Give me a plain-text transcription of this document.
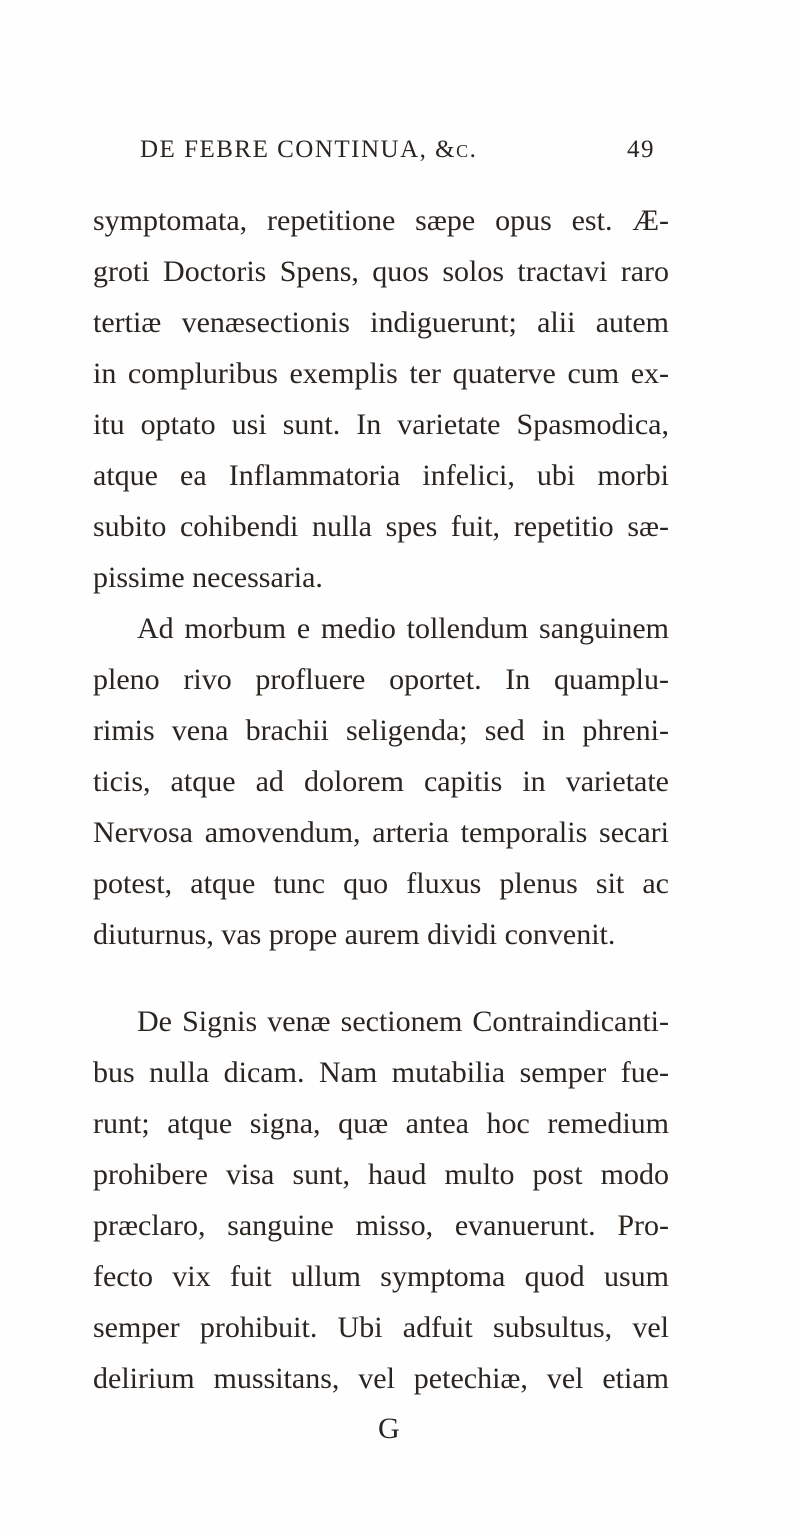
DE FEBRE CONTINUA, &c.	49
symptomata, repetitione sæpe opus est. Æ-
groti Doctoris Spens, quos solos tractavi raro
tertiæ venæsectionis indiguerunt; alii autem
in compluribus exemplis ter quaterve cum ex-
itu optato usi sunt. In varietate Spasmodica,
atque ea Inflammatoria infelici, ubi morbi
subito cohibendi nulla spes fuit, repetitio sæ-
pissime necessaria.
Ad morbum e medio tollendum sanguinem
pleno rivo profluere oportet. In quamplu-
rimis vena brachii seligenda; sed in phreni-
ticis, atque ad dolorem capitis in varietate
Nervosa amovendum, arteria temporalis secari
potest, atque tunc quo fluxus plenus sit ac
diuturnus, vas prope aurem dividi convenit.
De Signis venæ sectionem Contraindicanti-
bus nulla dicam. Nam mutabilia semper fue-
runt; atque signa, quæ antea hoc remedium
prohibere visa sunt, haud multo post modo
præclaro, sanguine misso, evanuerunt. Pro-
fecto vix fuit ullum symptoma quod usum
semper prohibuit. Ubi adfuit subsultus, vel
delirium mussitans, vel petechiæ, vel etiam
G
